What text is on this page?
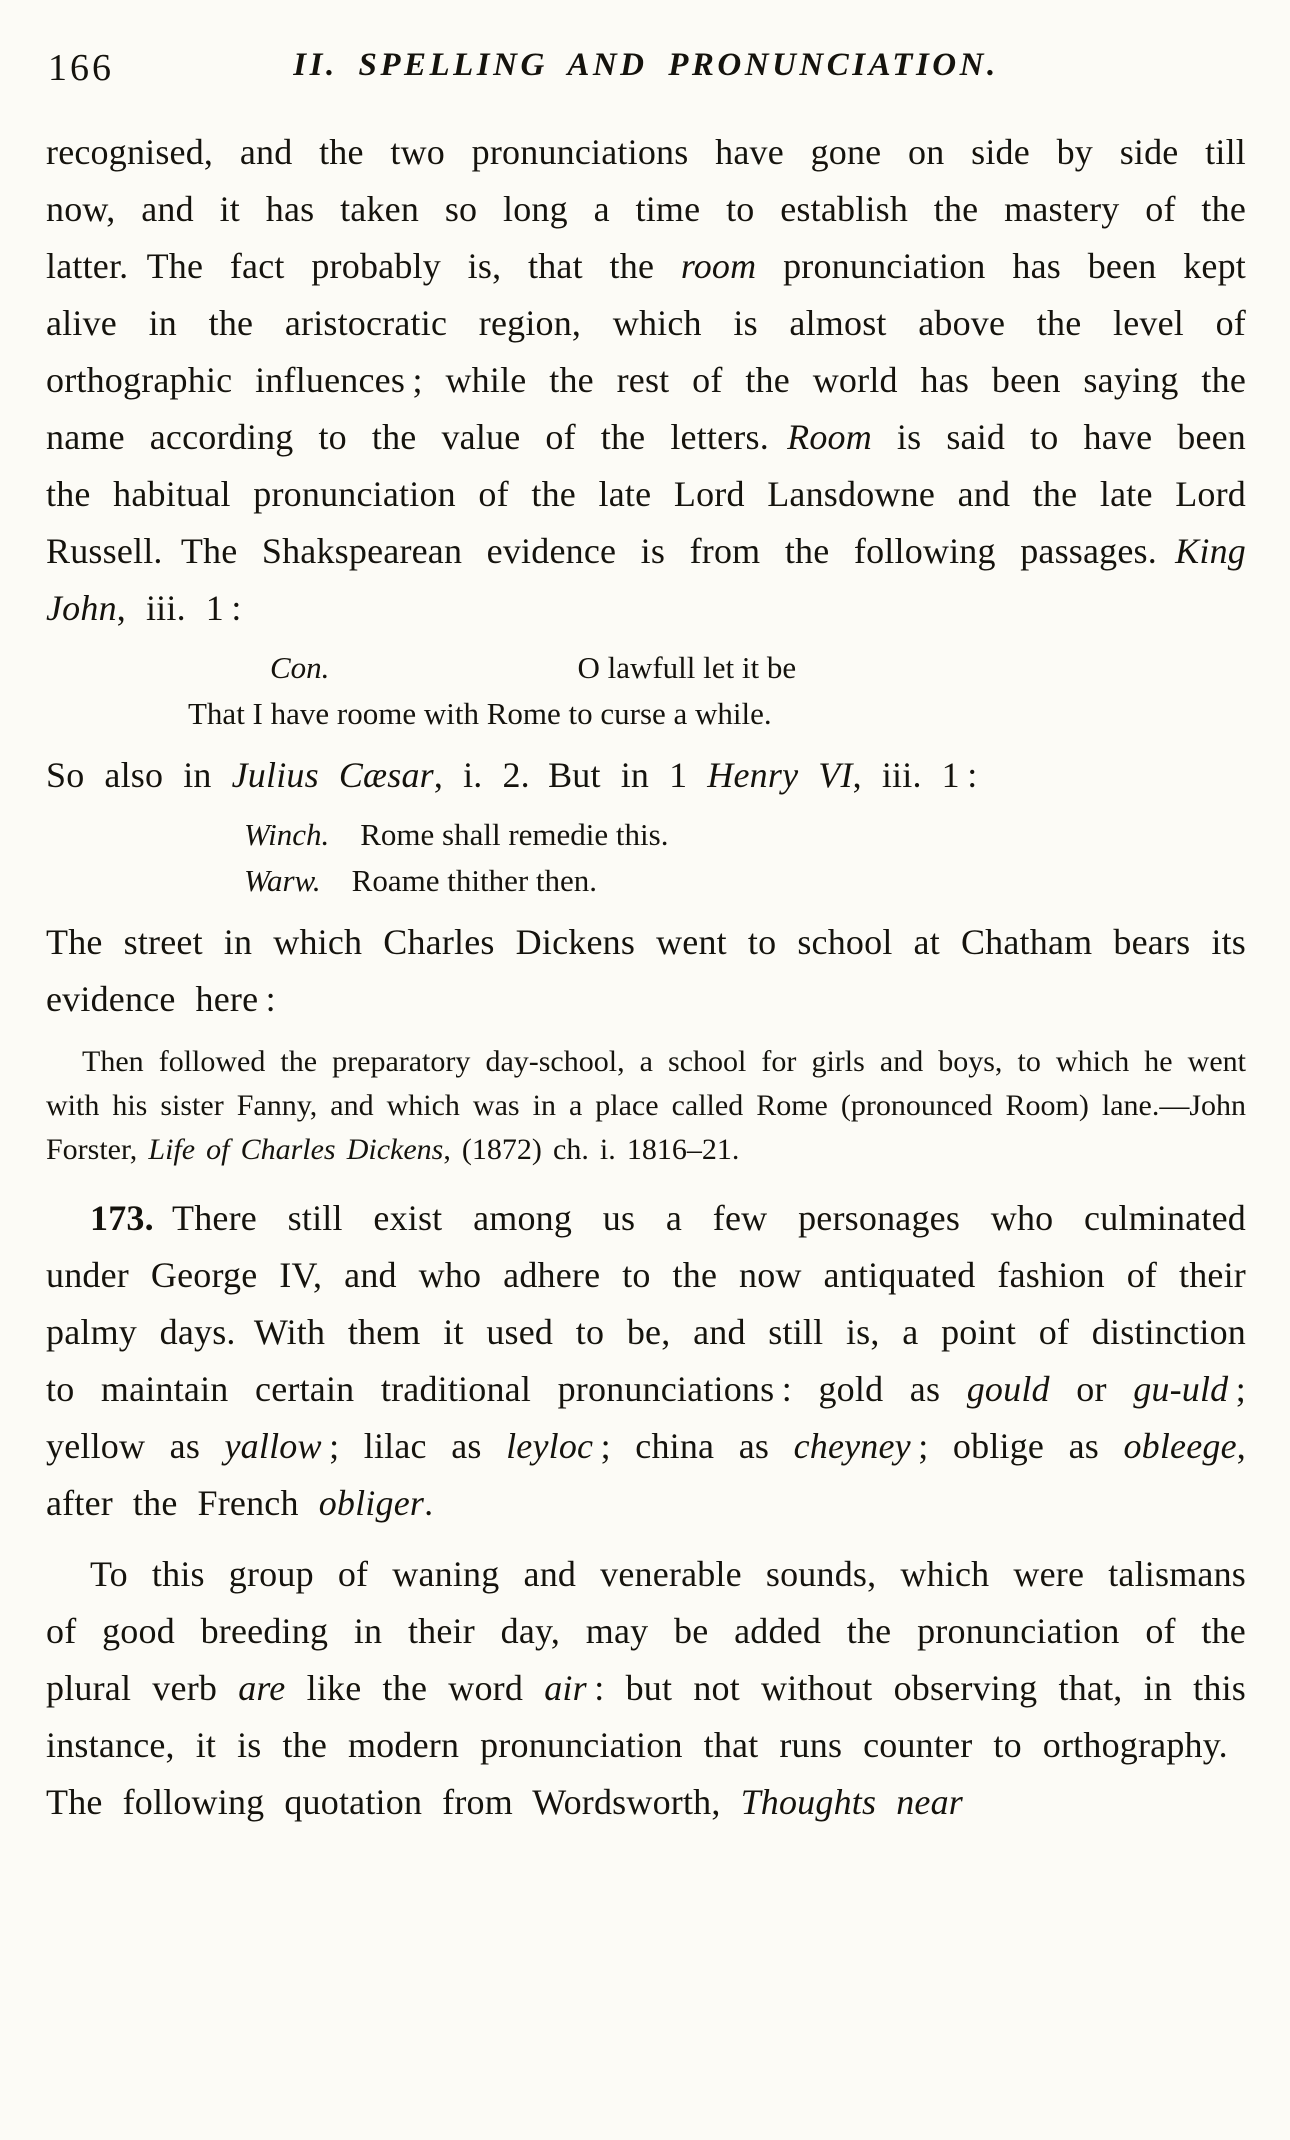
166	II. SPELLING AND PRONUNCIATION.

recognised, and the two pronunciations have gone on side by side till now, and it has taken so long a time to establish the mastery of the latter. The fact probably is, that the room pronunciation has been kept alive in the aristocratic region, which is almost above the level of orthographic influences ; while the rest of the world has been saying the name according to the value of the letters. Room is said to have been the habitual pronunciation of the late Lord Lansdowne and the late Lord Russell. The Shakspearean evidence is from the following passages. King John, iii. 1 :

Con.        O lawfull let it be
That I have roome with Rome to curse a while.

So also in Julius Cæsar, i. 2. But in 1 Henry VI, iii. 1 :

Winch.  Rome shall remedie this.
Warw.  Roame thither then.

The street in which Charles Dickens went to school at Chatham bears its evidence here :

Then followed the preparatory day-school, a school for girls and boys, to which he went with his sister Fanny, and which was in a place called Rome (pronounced Room) lane.—John Forster, Life of Charles Dickens, (1872) ch. i. 1816–21.

173. There still exist among us a few personages who culminated under George IV, and who adhere to the now antiquated fashion of their palmy days. With them it used to be, and still is, a point of distinction to maintain certain traditional pronunciations : gold as gould or gu-uld ; yellow as yallow ; lilac as leyloc ; china as cheyney ; oblige as obleege, after the French obliger.

To this group of waning and venerable sounds, which were talismans of good breeding in their day, may be added the pronunciation of the plural verb are like the word air : but not without observing that, in this instance, it is the modern pronunciation that runs counter to orthography. The following quotation from Wordsworth, Thoughts near
